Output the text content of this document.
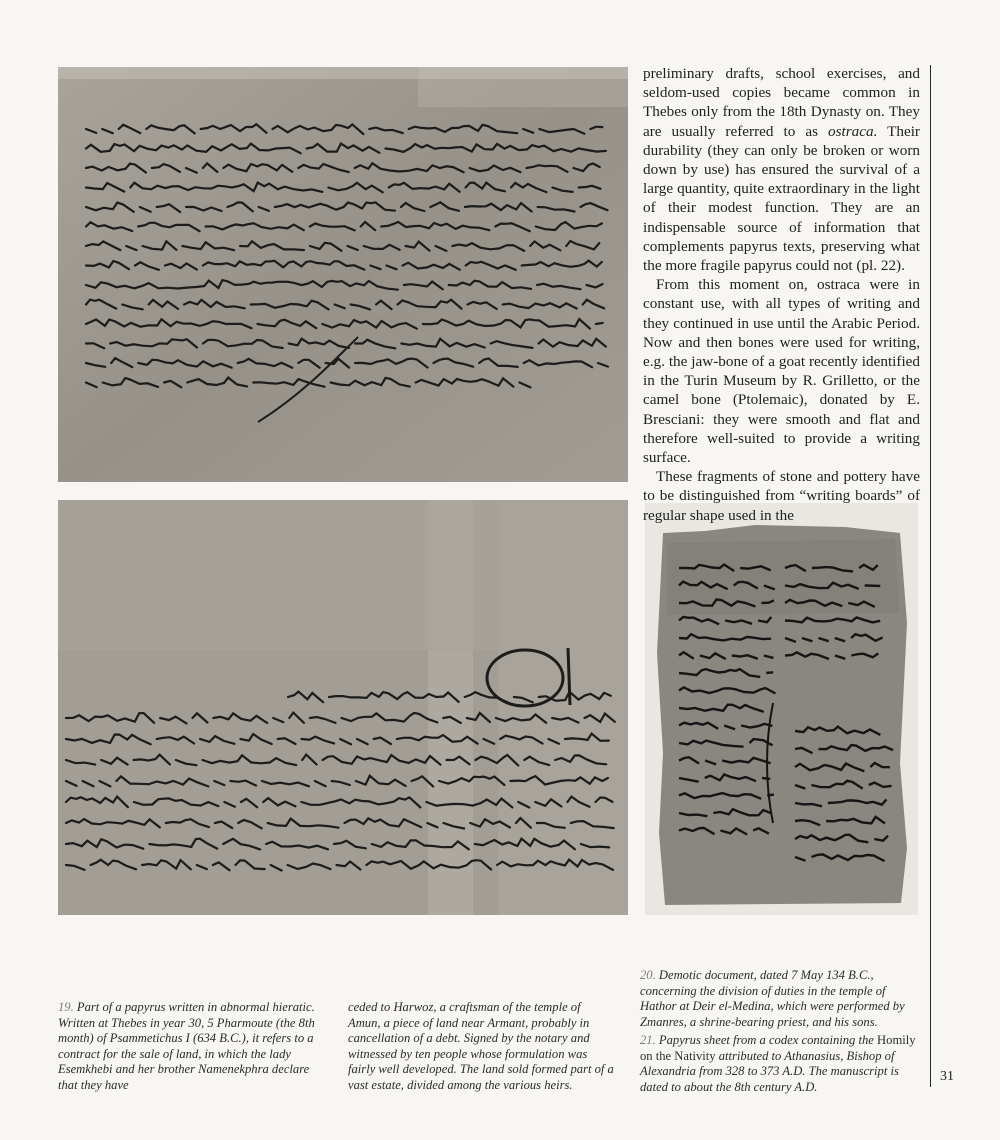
preliminary drafts, school exercises, and seldom-used copies became common in Thebes only from the 18th Dynasty on. They are usually referred to as ostraca. Their durability (they can only be broken or worn down by use) has ensured the survival of a large quantity, quite extraordinary in the light of their modest function. They are an indispensable source of information that complements papyrus texts, preserving what the more fragile papyrus could not (pl. 22).

From this moment on, ostraca were in constant use, with all types of writing and they continued in use until the Arabic Period. Now and then bones were used for writing, e.g. the jaw-bone of a goat recently identified in the Turin Museum by R. Grilletto, or the camel bone (Ptolemaic), donated by E. Bresciani: they were smooth and flat and therefore well-suited to provide a writing surface.

These fragments of stone and pottery have to be distinguished from “writing boards” of regular shape used in the

19. Part of a papyrus written in abnormal hieratic. Written at Thebes in year 30, 5 Pharmoute (the 8th month) of Psammetichus I (634 B.C.), it refers to a contract for the sale of land, in which the lady Esemkhebi and her brother Namenekphra declare that they have
ceded to Harwoz, a craftsman of the temple of Amun, a piece of land near Armant, probably in cancellation of a debt. Signed by the notary and witnessed by ten people whose formulation was fairly well developed. The land sold formed part of a vast estate, divided among the various heirs.
20. Demotic document, dated 7 May 134 B.C., concerning the division of duties in the temple of Hathor at Deir el-Medina, which were performed by Zmanres, a shrine-bearing priest, and his sons.
21. Papyrus sheet from a codex containing the Homily on the Nativity attributed to Athanasius, Bishop of Alexandria from 328 to 373 A.D. The manuscript is dated to about the 8th century A.D.
31
